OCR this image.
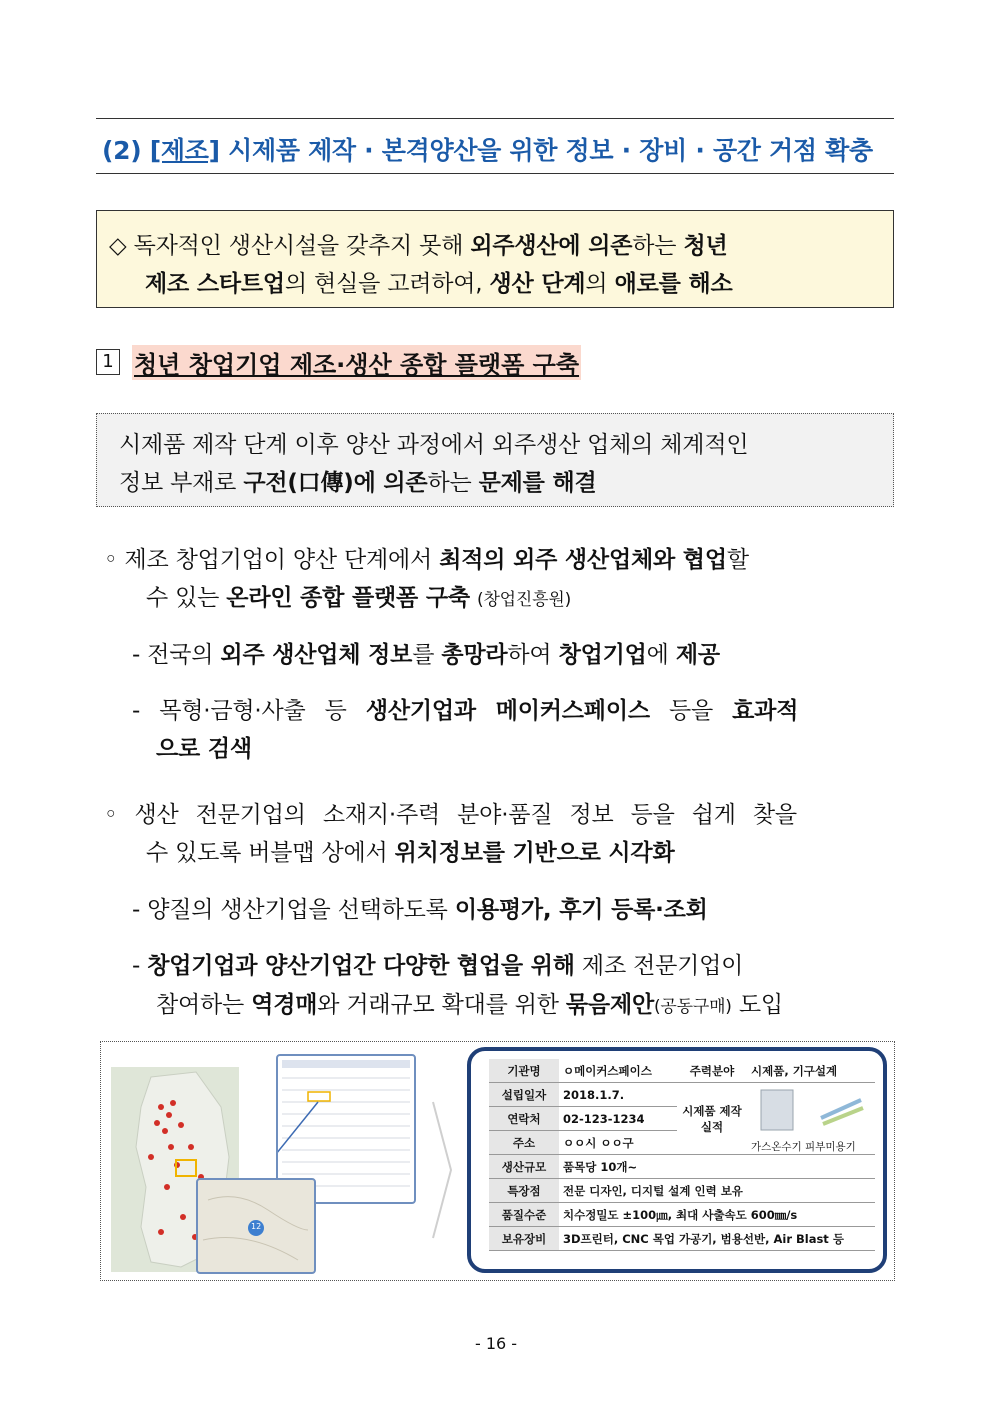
(2) [제조] 시제품 제작 · 본격양산을 위한 정보 · 장비 · 공간 거점 확충
◇ 독자적인 생산시설을 갖추지 못해 외주생산에 의존하는 청년
제조 스타트업의 현실을 고려하여, 생산 단계의 애로를 해소
1 청년 창업기업 제조·생산 종합 플랫폼 구축
시제품 제작 단계 이후 양산 과정에서 외주생산 업체의 체계적인
정보 부재로 구전(口傳)에 의존하는 문제를 해결
◦ 제조 창업기업이 양산 단계에서 최적의 외주 생산업체와 협업할
수 있는 온라인 종합 플랫폼 구축 (창업진흥원)
- 전국의 외주 생산업체 정보를 총망라하여 창업기업에 제공
- 목형·금형·사출 등 생산기업과 메이커스페이스 등을 효과적
으로 검색
◦ 생산 전문기업의 소재지·주력 분야·품질 정보 등을 쉽게 찾을
수 있도록 버블맵 상에서 위치정보를 기반으로 시각화
- 양질의 생산기업을 선택하도록 이용평가, 후기 등록·조회
- 창업기업과 양산기업간 다양한 협업을 위해 제조 전문기업이
참여하는 역경매와 거래규모 확대를 위한 묶음제안(공동구매) 도입
12
기관명	ㅇ메이커스페이스	주력분야	시제품, 기구설계
설립일자	2018.1.7.	시제품 제작실적	가스온수기 피부미용기

연락처	02-123-1234		
주소	ㅇㅇ시 ㅇㅇ구		
생산규모	품목당 10개~		
특장점	전문 디자인, 디지털 설계 인력 보유		
품질수준	치수정밀도 ±100㎛, 최대 사출속도 600㎜/s		
보유장비	3D프린터, CNC 목업 가공기, 범용선반, Air Blast 등		
- 16 -
